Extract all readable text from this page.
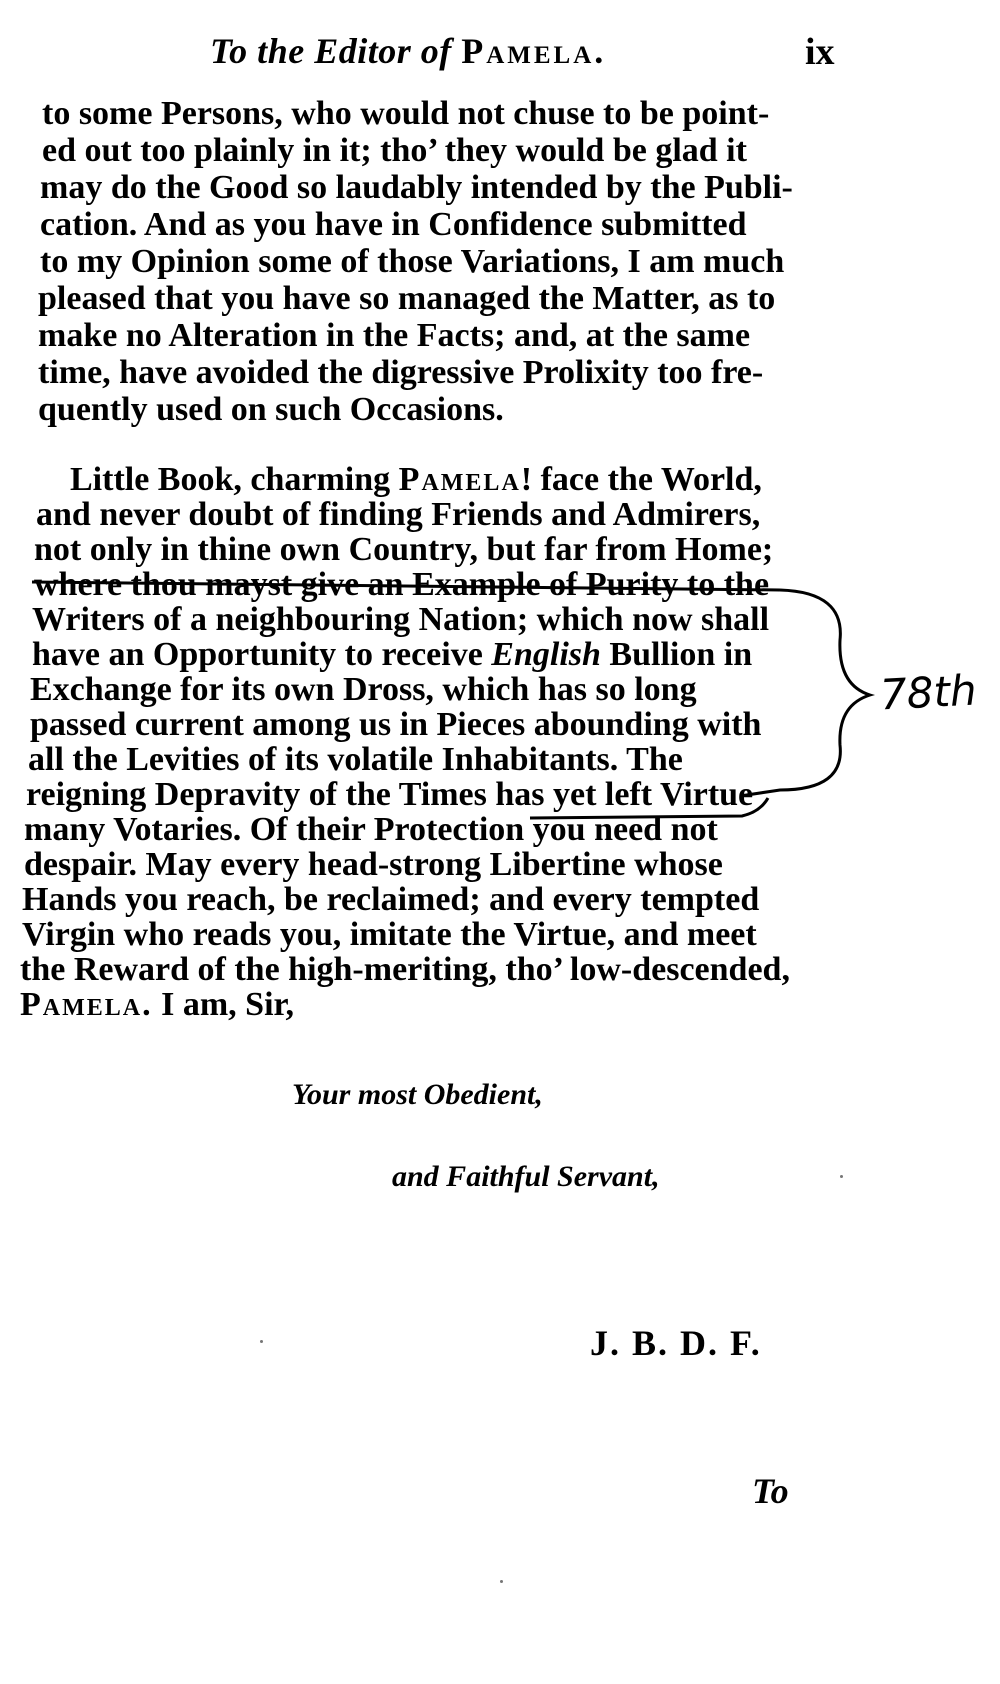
To the Editor of Pamela.	ix
to some Persons, who would not chuse to be point-
ed out too plainly in it; tho’ they would be glad it
may do the Good so laudably intended by the Publi-
cation. And as you have in Confidence submitted
to my Opinion some of those Variations, I am much
pleased that you have so managed the Matter, as to
make no Alteration in the Facts; and, at the same
time, have avoided the digressive Prolixity too fre-
quently used on such Occasions.
Little Book, charming Pamela! face the World,
and never doubt of finding Friends and Admirers,
not only in thine own Country, but far from Home;
where thou mayst give an Example of Purity to the
Writers of a neighbouring Nation; which now shall
have an Opportunity to receive English Bullion in
Exchange for its own Dross, which has so long
passed current among us in Pieces abounding with
all the Levities of its volatile Inhabitants. The
reigning Depravity of the Times has yet left Virtue
many Votaries. Of their Protection you need not
despair. May every head-strong Libertine whose
Hands you reach, be reclaimed; and every tempted
Virgin who reads you, imitate the Virtue, and meet
the Reward of the high-meriting, tho’ low-descended,
Pamela. I am, Sir,
Your most Obedient,
and Faithful Servant,
J. B. D. F.
To
78th
